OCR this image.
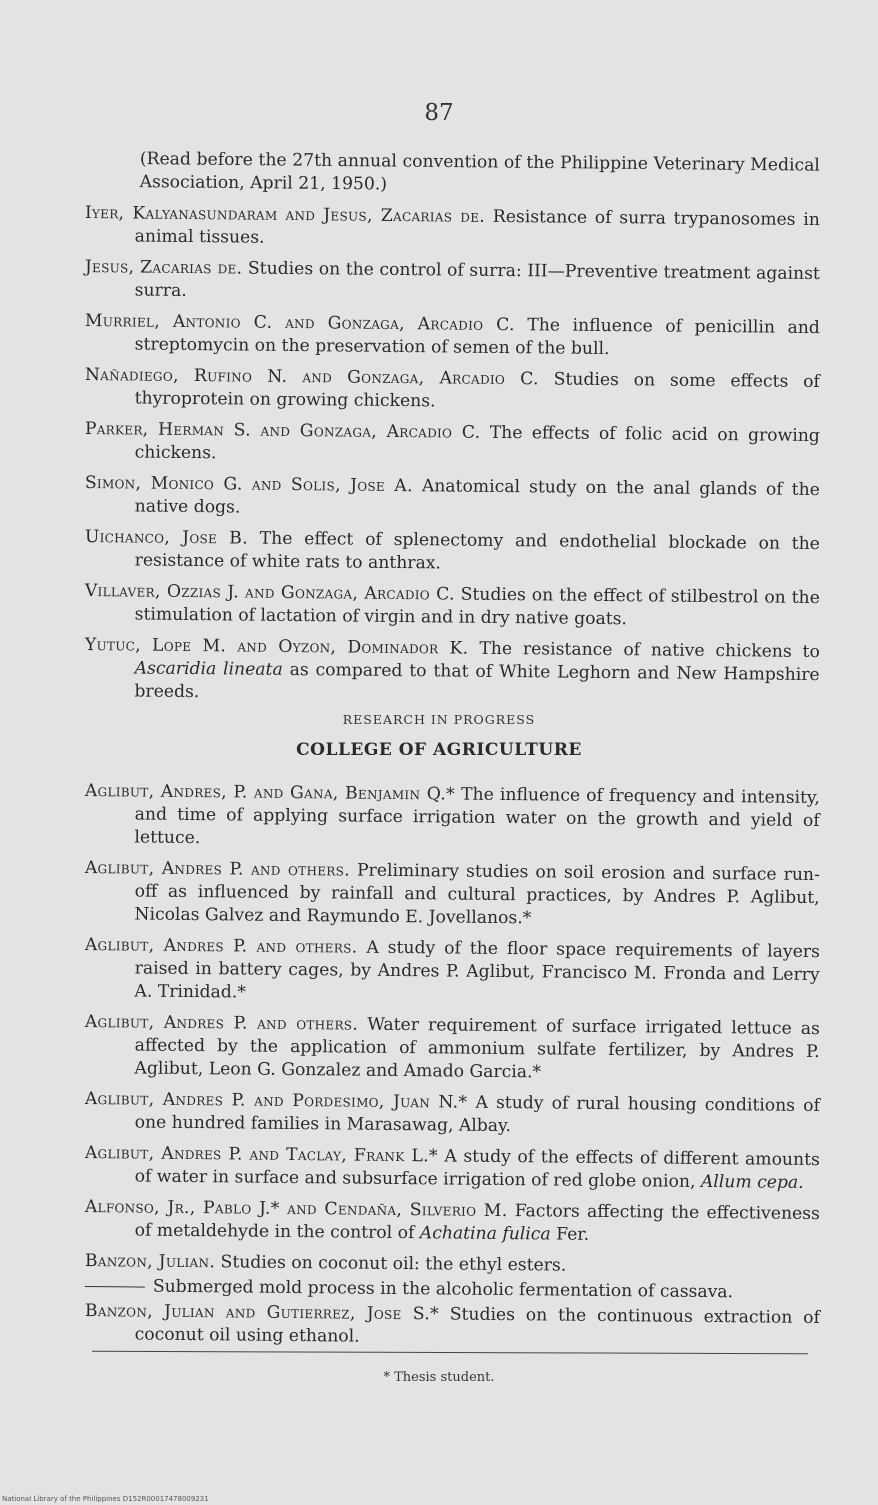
87

(Read before the 27th annual convention of the Philippine Veterinary Medical Association, April 21, 1950.)

Iyer, Kalyanasundaram and Jesus, Zacarias de. Resistance of surra trypanosomes in animal tissues.

Jesus, Zacarias de. Studies on the control of surra: III—Preventive treatment against surra.

Murriel, Antonio C. and Gonzaga, Arcadio C. The influence of penicillin and streptomycin on the preservation of semen of the bull.

Nañadiego, Rufino N. and Gonzaga, Arcadio C. Studies on some effects of thyroprotein on growing chickens.

Parker, Herman S. and Gonzaga, Arcadio C. The effects of folic acid on growing chickens.

Simon, Monico G. and Solis, Jose A. Anatomical study on the anal glands of the native dogs.

Uichanco, Jose B. The effect of splenectomy and endothelial blockade on the resistance of white rats to anthrax.

Villaver, Ozzias J. and Gonzaga, Arcadio C. Studies on the effect of stilbestrol on the stimulation of lactation of virgin and in dry native goats.

Yutuc, Lope M. and Oyzon, Dominador K. The resistance of native chickens to Ascaridia lineata as compared to that of White Leghorn and New Hampshire breeds.

RESEARCH IN PROGRESS
COLLEGE OF AGRICULTURE

Aglibut, Andres, P. and Gana, Benjamin Q.* The influence of frequency and intensity, and time of applying surface irrigation water on the growth and yield of lettuce.

Aglibut, Andres P. and others. Preliminary studies on soil erosion and surface run-off as influenced by rainfall and cultural practices, by Andres P. Aglibut, Nicolas Galvez and Raymundo E. Jovellanos.*

Aglibut, Andres P. and others. A study of the floor space requirements of layers raised in battery cages, by Andres P. Aglibut, Francisco M. Fronda and Lerry A. Trinidad.*

Aglibut, Andres P. and others. Water requirement of surface irrigated lettuce as affected by the application of ammonium sulfate fertilizer, by Andres P. Aglibut, Leon G. Gonzalez and Amado Garcia.*

Aglibut, Andres P. and Pordesimo, Juan N.* A study of rural housing conditions of one hundred families in Marasawag, Albay.

Aglibut, Andres P. and Taclay, Frank L.* A study of the effects of different amounts of water in surface and subsurface irrigation of red globe onion, Allum cepa.

Alfonso, Jr., Pablo J.* and Cendaña, Silverio M. Factors affecting the effectiveness of metaldehyde in the control of Achatina fulica Fer.

Banzon, Julian. Studies on coconut oil: the ethyl esters.

Submerged mold process in the alcoholic fermentation of cassava.

Banzon, Julian and Gutierrez, Jose S.* Studies on the continuous extraction of coconut oil using ethanol.

* Thesis student.
National Library of the Philippines D152R00017478009231
